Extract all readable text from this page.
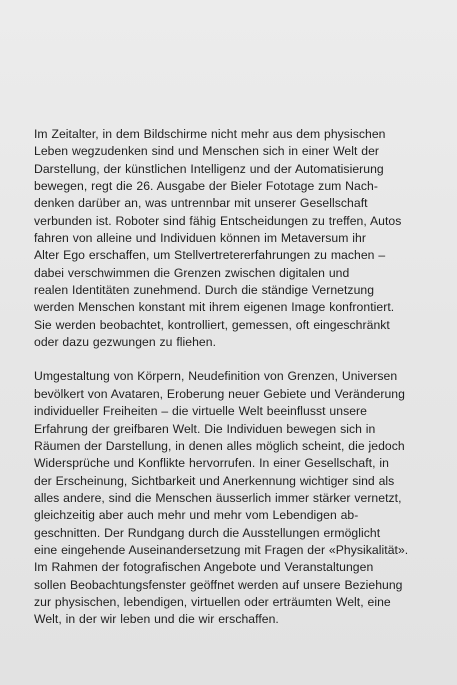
Im Zeitalter, in dem Bildschirme nicht mehr aus dem physischen
Leben wegzudenken sind und Menschen sich in einer Welt der
Darstellung, der künstlichen Intelligenz und der Automatisierung
bewegen, regt die 26. Ausgabe der Bieler Fototage zum Nach-
denken darüber an, was untrennbar mit unserer Gesellschaft
verbunden ist. Roboter sind fähig Entscheidungen zu treffen, Autos
fahren von alleine und Individuen können im Metaversum ihr
Alter Ego erschaffen, um Stellvertretererfahrungen zu machen –
dabei verschwimmen die Grenzen zwischen digitalen und
realen Identitäten zunehmend. Durch die ständige Vernetzung
werden Menschen konstant mit ihrem eigenen Image konfrontiert.
Sie werden beobachtet, kontrolliert, gemessen, oft eingeschränkt
oder dazu gezwungen zu fliehen.

Umgestaltung von Körpern, Neudefinition von Grenzen, Universen
bevölkert von Avataren, Eroberung neuer Gebiete und Veränderung
individueller Freiheiten – die virtuelle Welt beeinflusst unsere
Erfahrung der greifbaren Welt. Die Individuen bewegen sich in
Räumen der Darstellung, in denen alles möglich scheint, die jedoch
Widersprüche und Konflikte hervorrufen. In einer Gesellschaft, in
der Erscheinung, Sichtbarkeit und Anerkennung wichtiger sind als
alles andere, sind die Menschen äusserlich immer stärker vernetzt,
gleichzeitig aber auch mehr und mehr vom Lebendigen ab-
geschnitten. Der Rundgang durch die Ausstellungen ermöglicht
eine eingehende Auseinandersetzung mit Fragen der «Physikalität».
Im Rahmen der fotografischen Angebote und Veranstaltungen
sollen Beobachtungsfenster geöffnet werden auf unsere Beziehung
zur physischen, lebendigen, virtuellen oder erträumten Welt, eine
Welt, in der wir leben und die wir erschaffen.
